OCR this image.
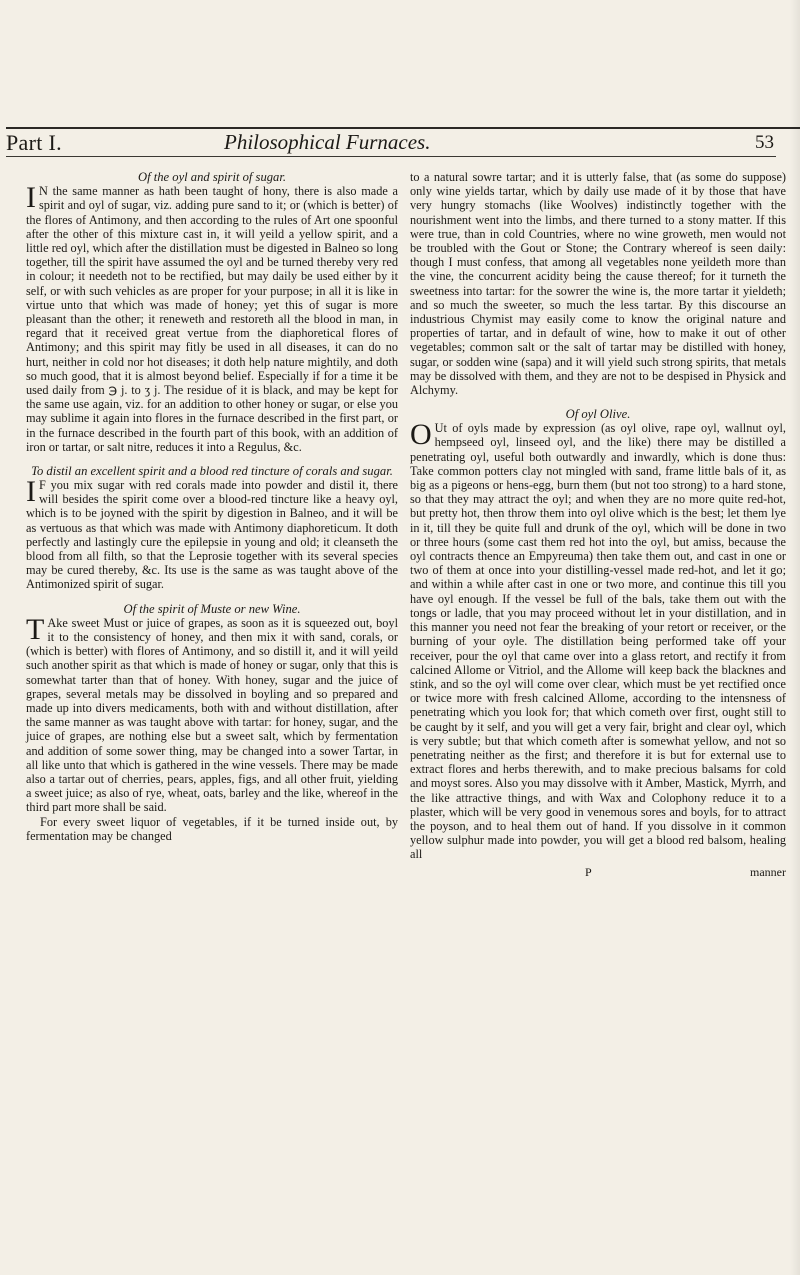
Part I.	Philosophical Furnaces.	53

Of the oyl and spirit of sugar.

I N the same manner as hath been taught of hony, there is also made a spirit and oyl of sugar, viz. adding pure sand to it; or (which is better) of the flores of Antimony, and then according to the rules of Art one spoonful after the other of this mixture cast in, it will yeild a yellow spirit, and a little red oyl, which after the distillation must be digested in Balneo so long together, till the spirit have assumed the oyl and be turned thereby very red in colour; it needeth not to be rectified, but may daily be used either by it self, or with such vehicles as are proper for your purpose; in all it is like in virtue unto that which was made of honey; yet this of sugar is more pleasant than the other; it reneweth and restoreth all the blood in man, in regard that it received great vertue from the diaphoretical flores of Antimony; and this spirit may fitly be used in all diseases, it can do no hurt, neither in cold nor hot diseases; it doth help nature mightily, and doth so much good, that it is almost beyond belief. Especially if for a time it be used daily from ℈ j. to ʒ j. The residue of it is black, and may be kept for the same use again, viz. for an addition to other honey or sugar, or else you may sublime it again into flores in the furnace described in the first part, or in the furnace described in the fourth part of this book, with an addition of iron or tartar, or salt nitre, reduces it into a Regulus, &c.

To distil an excellent spirit and a blood red tincture of corals and sugar.

I F you mix sugar with red corals made into powder and distil it, there will besides the spirit come over a blood-red tincture like a heavy oyl, which is to be joyned with the spirit by digestion in Balneo, and it will be as vertuous as that which was made with Antimony diaphoreticum. It doth perfectly and lastingly cure the epilepsie in young and old; it cleanseth the blood from all filth, so that the Leprosie together with its several species may be cured thereby, &c. Its use is the same as was taught above of the Antimonized spirit of sugar.

Of the spirit of Muste or new Wine.

T Ake sweet Must or juice of grapes, as soon as it is squeezed out, boyl it to the consistency of honey, and then mix it with sand, corals, or (which is better) with flores of Antimony, and so distill it, and it will yeild such another spirit as that which is made of honey or sugar, only that this is somewhat tarter than that of honey. With honey, sugar and the juice of grapes, several metals may be dissolved in boyling and so prepared and made up into divers medicaments, both with and without distillation, after the same manner as was taught above with tartar: for honey, sugar, and the juice of grapes, are nothing else but a sweet salt, which by fermentation and addition of some sower thing, may be changed into a sower Tartar, in all like unto that which is gathered in the wine vessels. There may be made also a tartar out of cherries, pears, apples, figs, and all other fruit, yielding a sweet juice; as also of rye, wheat, oats, barley and the like, whereof in the third part more shall be said.

For every sweet liquor of vegetables, if it be turned inside out, by fermentation may be changed

to a natural sowre tartar; and it is utterly false, that (as some do suppose) only wine yields tartar, which by daily use made of it by those that have very hungry stomachs (like Woolves) indistinctly together with the nourishment went into the limbs, and there turned to a stony matter. If this were true, than in cold Countries, where no wine groweth, men would not be troubled with the Gout or Stone; the Contrary whereof is seen daily: though I must confess, that among all vegetables none yeildeth more than the vine, the concurrent acidity being the cause thereof; for it turneth the sweetness into tartar: for the sowrer the wine is, the more tartar it yieldeth; and so much the sweeter, so much the less tartar. By this discourse an industrious Chymist may easily come to know the original nature and properties of tartar, and in default of wine, how to make it out of other vegetables; common salt or the salt of tartar may be distilled with honey, sugar, or sodden wine (sapa) and it will yield such strong spirits, that metals may be dissolved with them, and they are not to be despised in Physick and Alchymy.

Of oyl Olive.

O Ut of oyls made by expression (as oyl olive, rape oyl, wallnut oyl, hempseed oyl, linseed oyl, and the like) there may be distilled a penetrating oyl, useful both outwardly and inwardly, which is done thus: Take common potters clay not mingled with sand, frame little bals of it, as big as a pigeons or hens-egg, burn them (but not too strong) to a hard stone, so that they may attract the oyl; and when they are no more quite red-hot, but pretty hot, then throw them into oyl olive which is the best; let them lye in it, till they be quite full and drunk of the oyl, which will be done in two or three hours (some cast them red hot into the oyl, but amiss, because the oyl contracts thence an Empyreuma) then take them out, and cast in one or two of them at once into your distilling-vessel made red-hot, and let it go; and within a while after cast in one or two more, and continue this till you have oyl enough. If the vessel be full of the bals, take them out with the tongs or ladle, that you may proceed without let in your distillation, and in this manner you need not fear the breaking of your retort or receiver, or the burning of your oyle. The distillation being performed take off your receiver, pour the oyl that came over into a glass retort, and rectify it from calcined Allome or Vitriol, and the Allome will keep back the blacknes and stink, and so the oyl will come over clear, which must be yet rectified once or twice more with fresh calcined Allome, according to the intensness of penetrating which you look for; that which cometh over first, ought still to be caught by it self, and you will get a very fair, bright and clear oyl, which is very subtle; but that which cometh after is somewhat yellow, and not so penetrating neither as the first; and therefore it is but for external use to extract flores and herbs therewith, and to make precious balsams for cold and moyst sores. Also you may dissolve with it Amber, Mastick, Myrrh, and the like attractive things, and with Wax and Colophony reduce it to a plaster, which will be very good in venemous sores and boyls, for to attract the poyson, and to heal them out of hand. If you dissolve in it common yellow sulphur made into powder, you will get a blood red balsom, healing all

P	manner
